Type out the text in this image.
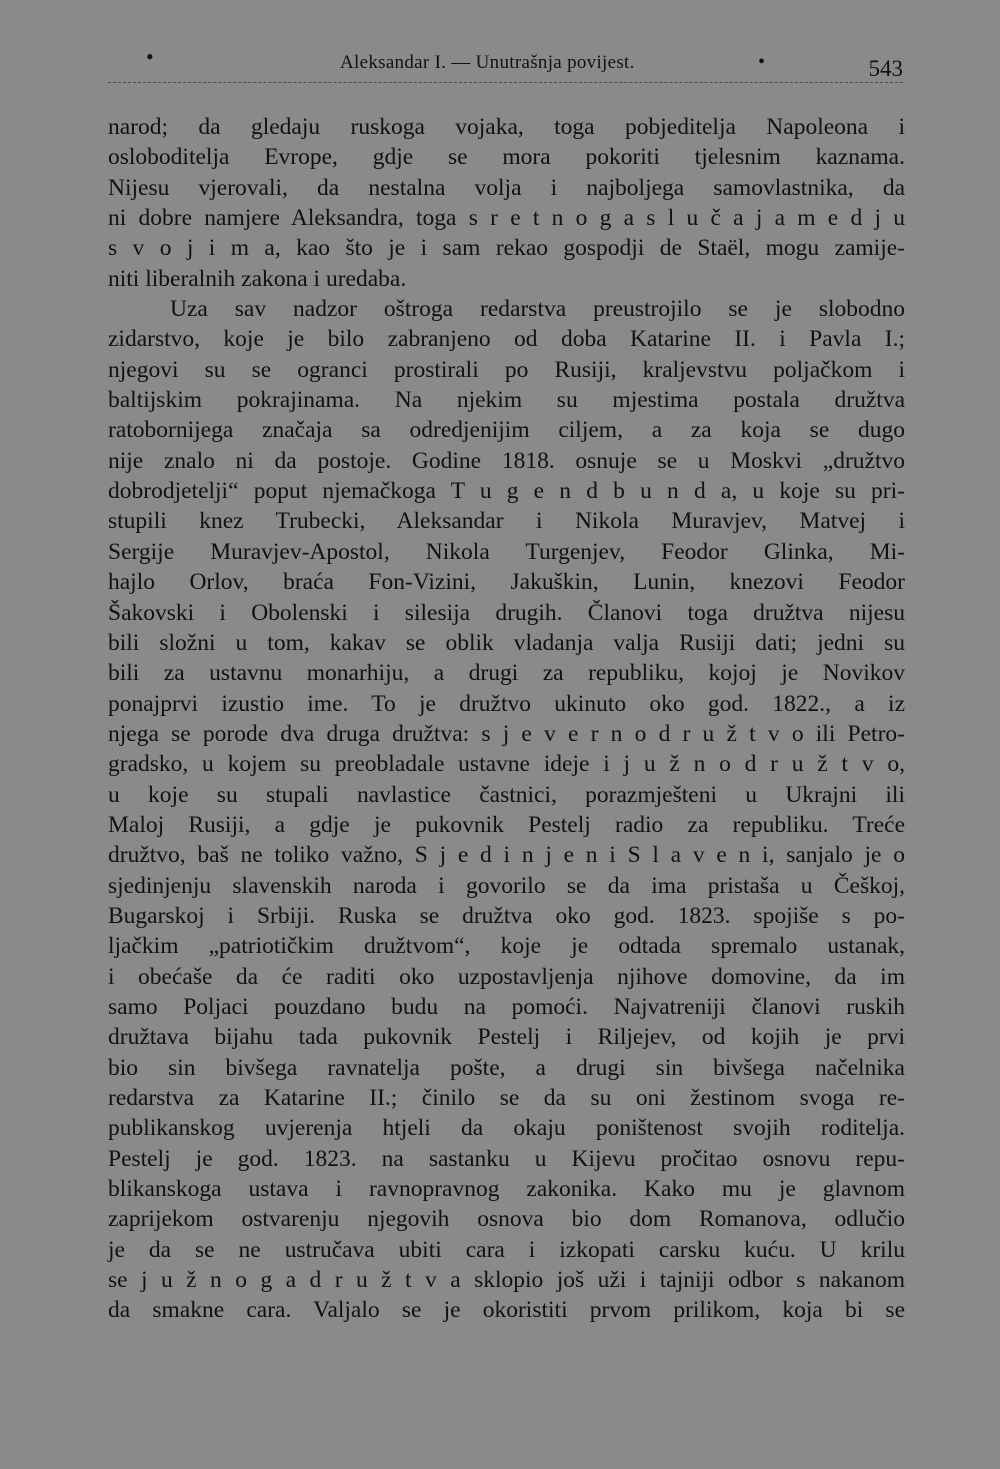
•	Aleksandar I. — Unutrašnja povijest.	•	543
narod; da gledaju ruskoga vojaka, toga pobjeditelja Napoleona i
osloboditelja Evrope, gdje se mora pokoriti tjelesnim kaznama.
Nijesu vjerovali, da nestalna volja i najboljega samovlastnika, da
ni dobre namjere Aleksandra, toga s r e t n o g a s l u č a j a m e d j u
s v o j i m a, kao što je i sam rekao gospodji de Staël, mogu zamije-
niti liberalnih zakona i uredaba.
Uza sav nadzor oštroga redarstva preustrojilo se je slobodno
zidarstvo, koje je bilo zabranjeno od doba Katarine II. i Pavla I.;
njegovi su se ogranci prostirali po Rusiji, kraljevstvu poljačkom i
baltijskim pokrajinama. Na njekim su mjestima postala družtva
ratobornijega značaja sa odredjenijim ciljem, a za koja se dugo
nije znalo ni da postoje. Godine 1818. osnuje se u Moskvi „družtvo
dobrodjetelji“ poput njemačkoga T u g e n d b u n d a, u koje su pri-
stupili knez Trubecki, Aleksandar i Nikola Muravjev, Matvej i
Sergije Muravjev-Apostol, Nikola Turgenjev, Feodor Glinka, Mi-
hajlo Orlov, braća Fon-Vizini, Jakuškin, Lunin, knezovi Feodor
Šakovski i Obolenski i silesija drugih. Članovi toga družtva nijesu
bili složni u tom, kakav se oblik vladanja valja Rusiji dati; jedni su
bili za ustavnu monarhiju, a drugi za republiku, kojoj je Novikov
ponajprvi izustio ime. To je družtvo ukinuto oko god. 1822., a iz
njega se porode dva druga družtva: s j e v e r n o d r u ž t v o ili Petro-
gradsko, u kojem su preobladale ustavne ideje i j u ž n o d r u ž t v o,
u koje su stupali navlastice častnici, porazmješteni u Ukrajni ili
Maloj Rusiji, a gdje je pukovnik Pestelj radio za republiku. Treće
družtvo, baš ne toliko važno, S j e d i n j e n i S l a v e n i, sanjalo je o
sjedinjenju slavenskih naroda i govorilo se da ima pristaša u Češkoj,
Bugarskoj i Srbiji. Ruska se družtva oko god. 1823. spojiše s po-
ljačkim „patriotičkim družtvom“, koje je odtada spremalo ustanak,
i obećaše da će raditi oko uzpostavljenja njihove domovine, da im
samo Poljaci pouzdano budu na pomoći. Najvatreniji članovi ruskih
družtava bijahu tada pukovnik Pestelj i Riljejev, od kojih je prvi
bio sin bivšega ravnatelja pošte, a drugi sin bivšega načelnika
redarstva za Katarine II.; činilo se da su oni žestinom svoga re-
publikanskog uvjerenja htjeli da okaju poništenost svojih roditelja.
Pestelj je god. 1823. na sastanku u Kijevu pročitao osnovu repu-
blikanskoga ustava i ravnopravnog zakonika. Kako mu je glavnom
zaprijekom ostvarenju njegovih osnova bio dom Romanova, odlučio
je da se ne ustručava ubiti cara i izkopati carsku kuću. U krilu
se j u ž n o g a d r u ž t v a sklopio još uži i tajniji odbor s nakanom
da smakne cara. Valjalo se je okoristiti prvom prilikom, koja bi se
